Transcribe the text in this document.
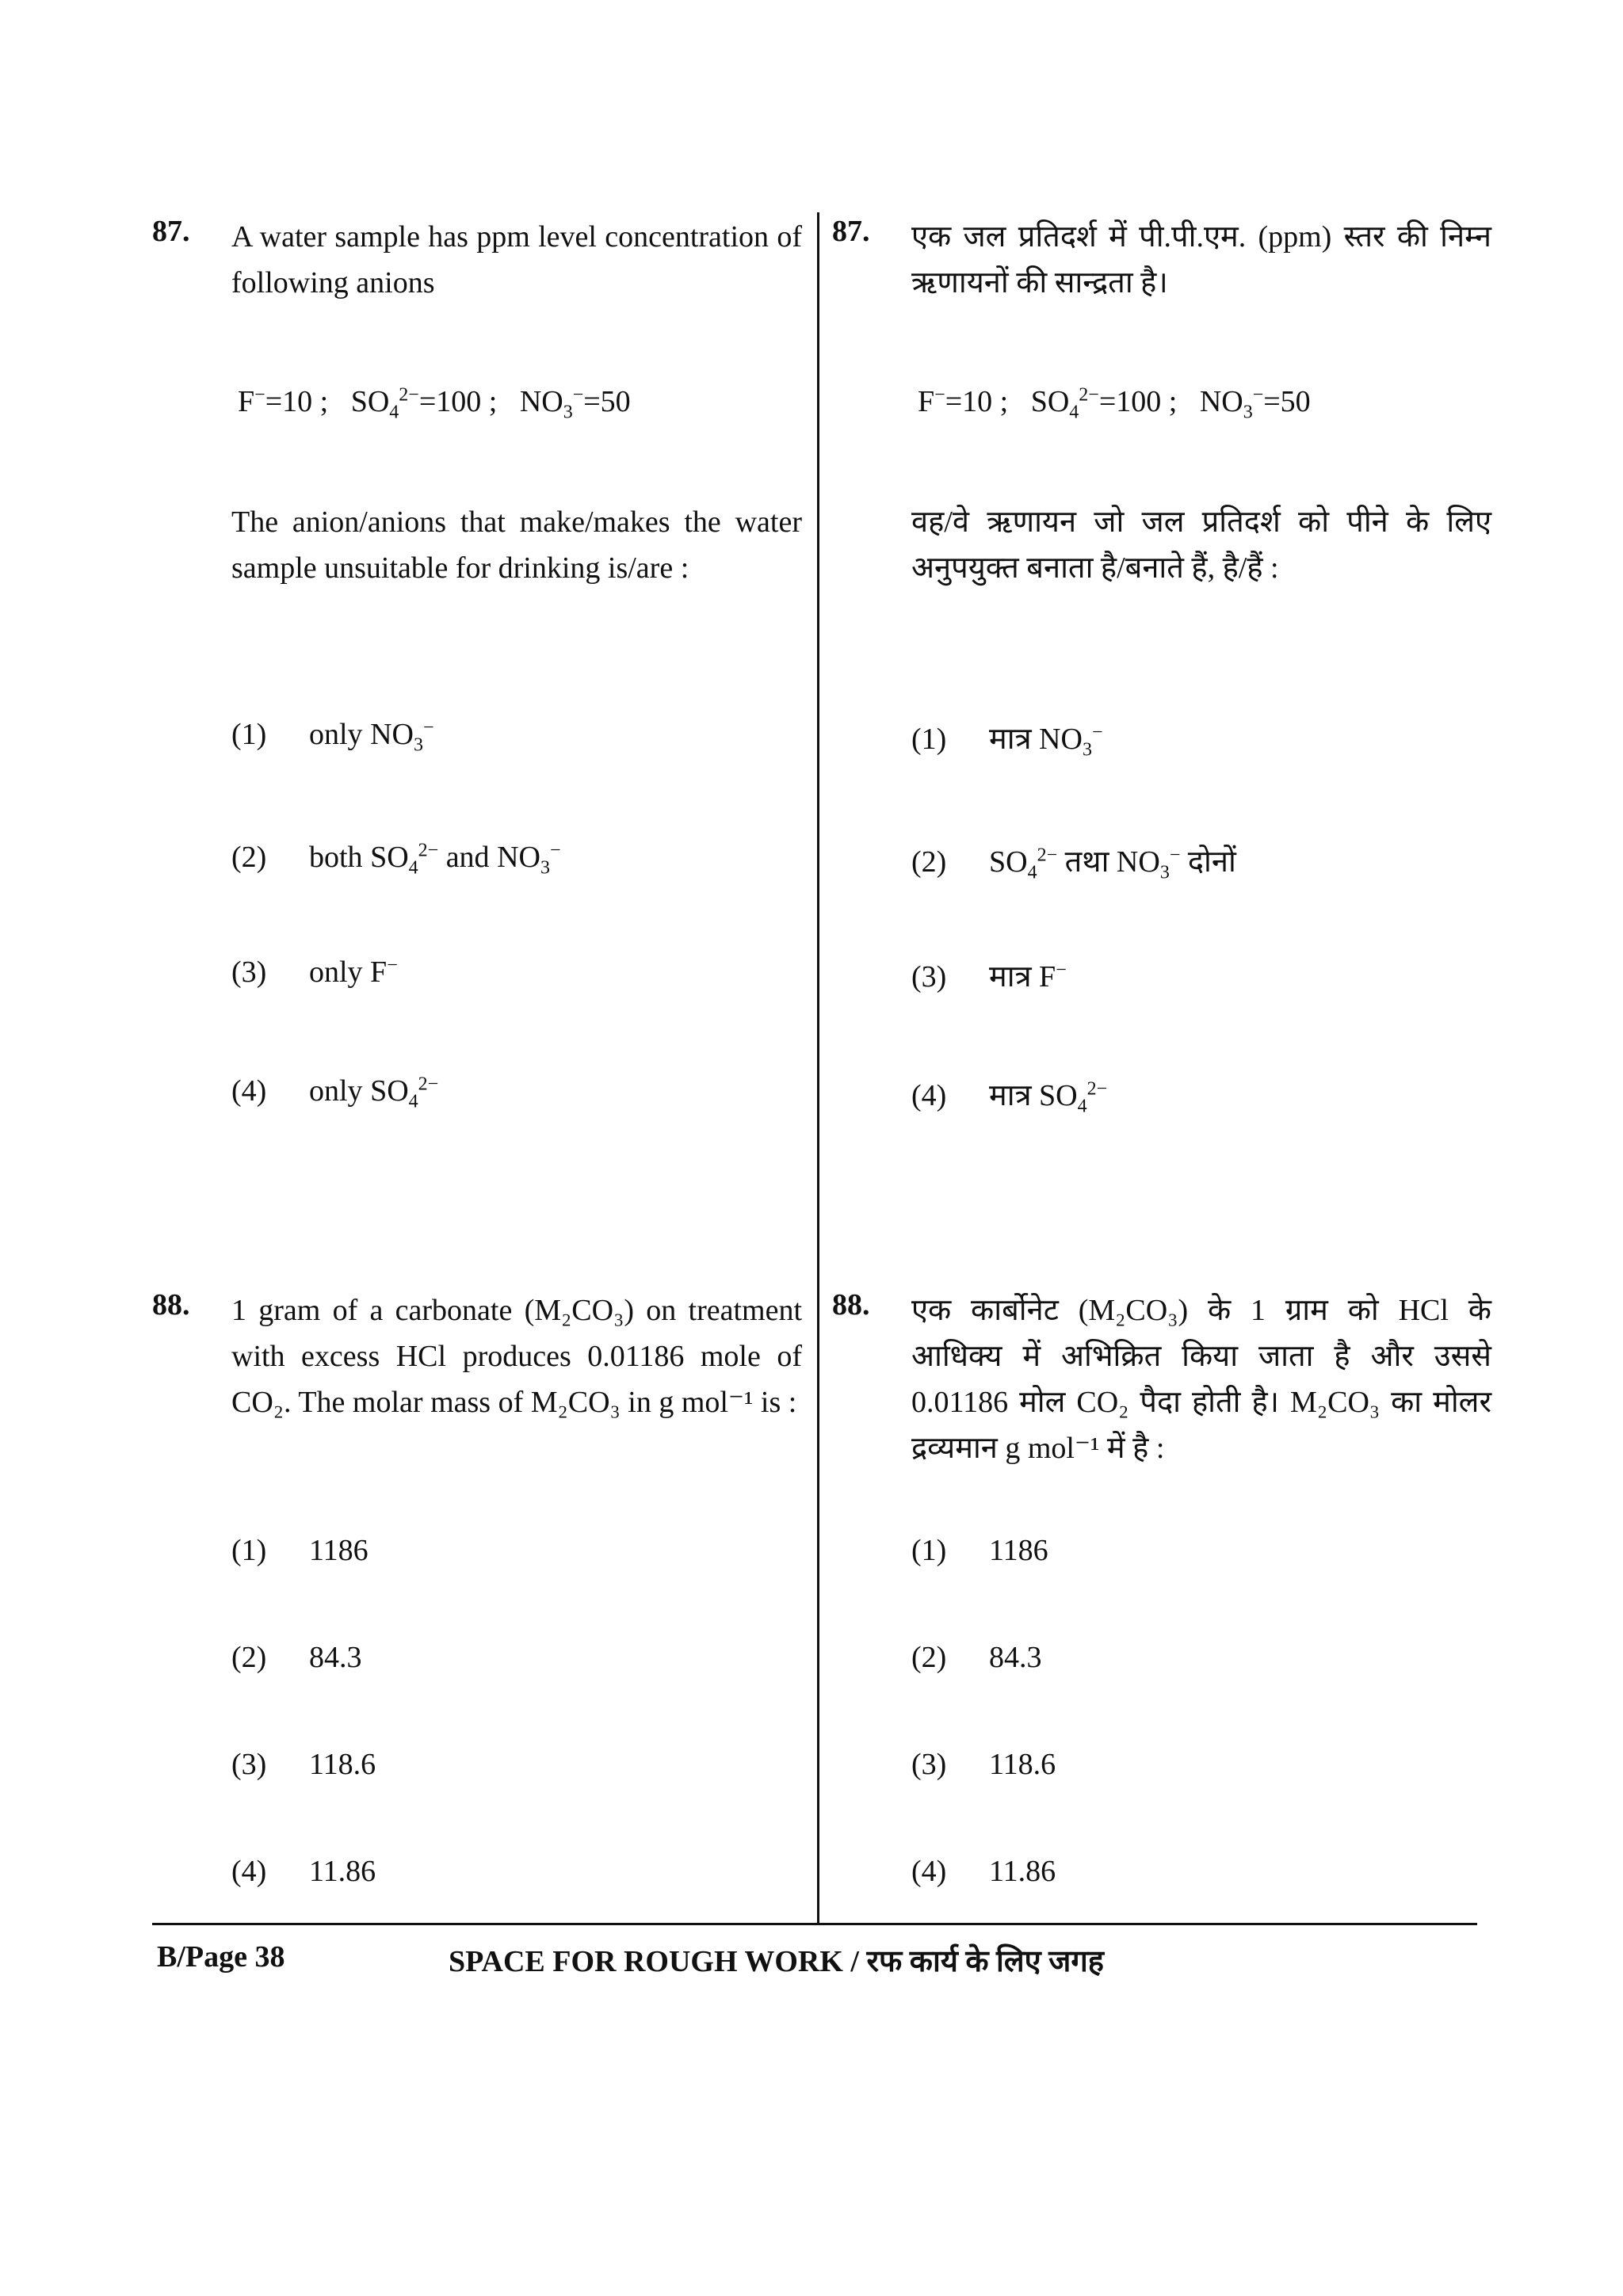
87. A water sample has ppm level concentration of following anions
F−=10 ; $SO_4^{2-}=100$ ; $NO_3^-=50$
The anion/anions that make/makes the water sample unsuitable for drinking is/are :
(1) only $NO_3^-$
(2) both $SO_4^{2-}$ and $NO_3^-$
(3) only F−
(4) only $SO_4^{2-}$
88. 1 gram of a carbonate (M₂CO₃) on treatment with excess HCl produces 0.01186 mole of CO₂. The molar mass of M₂CO₃ in g mol⁻¹ is :
(1) 1186
(2) 84.3
(3) 118.6
(4) 11.86
87. एक जल प्रतिदर्श में पी.पी.एम. (ppm) स्तर की निम्न ऋणायनों की सान्द्रता है।
F−=10 ; $SO_4^{2-}=100$ ; $NO_3^-=50$
वह/वे ऋणायन जो जल प्रतिदर्श को पीने के लिए अनुपयुक्त बनाता है/बनाते हैं, है/हैं :
(1) मात्र $NO_3^-$
(2) $SO_4^{2-}$ तथा $NO_3^-$ दोनों
(3) मात्र F−
(4) मात्र $SO_4^{2-}$
88. एक कार्बोनेट (M₂CO₃) के 1 ग्राम को HCl के आधिक्य में अभिक्रित किया जाता है और उससे 0.01186 मोल CO₂ पैदा होती है। M₂CO₃ का मोलर द्रव्यमान g mol⁻¹ में है :
(1) 1186
(2) 84.3
(3) 118.6
(4) 11.86
B/Page 38	SPACE FOR ROUGH WORK / रफ कार्य के लिए जगह
